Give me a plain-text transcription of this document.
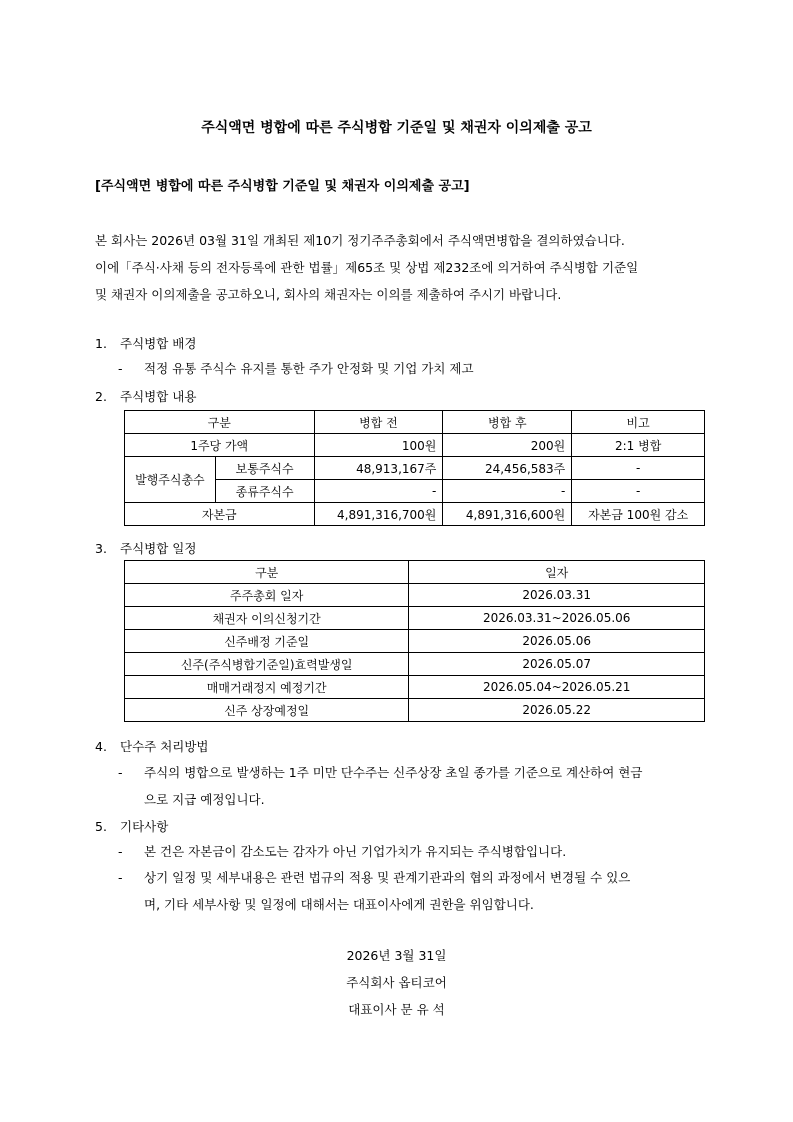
주식액면 병합에 따른 주식병합 기준일 및 채권자 이의제출 공고
[주식액면 병합에 따른 주식병합 기준일 및 채권자 이의제출 공고]
본 회사는 2026년 03월 31일 개최된 제10기 정기주주총회에서 주식액면병합을 결의하였습니다.
이에「주식·사채 등의 전자등록에 관한 법률」제65조 및 상법 제232조에 의거하여 주식병합 기준일
및 채권자 이의제출을 공고하오니, 회사의 채권자는 이의를 제출하여 주시기 바랍니다.
1. 주식병합 배경
- 적정 유통 주식수 유지를 통한 주가 안정화 및 기업 가치 제고
2. 주식병합 내용
구분		병합 전	병합 후	비고
1주당 가액		100원	200원	2:1 병합
발행주식총수	보통주식수	48,913,167주	24,456,583주	-
	종류주식수	-	-	-
자본금		4,891,316,700원	4,891,316,600원	자본금 100원 감소
3. 주식병합 일정
구분	일자
주주총회 일자	2026.03.31
채권자 이의신청기간	2026.03.31~2026.05.06
신주배정 기준일	2026.05.06
신주(주식병합기준일)효력발생일	2026.05.07
매매거래정지 예정기간	2026.05.04~2026.05.21
신주 상장예정일	2026.05.22
4. 단수주 처리방법
- 주식의 병합으로 발생하는 1주 미만 단수주는 신주상장 초일 종가를 기준으로 계산하여 현금
으로 지급 예정입니다.
5. 기타사항
- 본 건은 자본금이 감소도는 감자가 아닌 기업가치가 유지되는 주식병합입니다.
- 상기 일정 및 세부내용은 관련 법규의 적용 및 관계기관과의 협의 과정에서 변경될 수 있으
며, 기타 세부사항 및 일정에 대해서는 대표이사에게 권한을 위임합니다.
2026년 3월 31일
주식회사 옵티코어
대표이사 문 유 석
